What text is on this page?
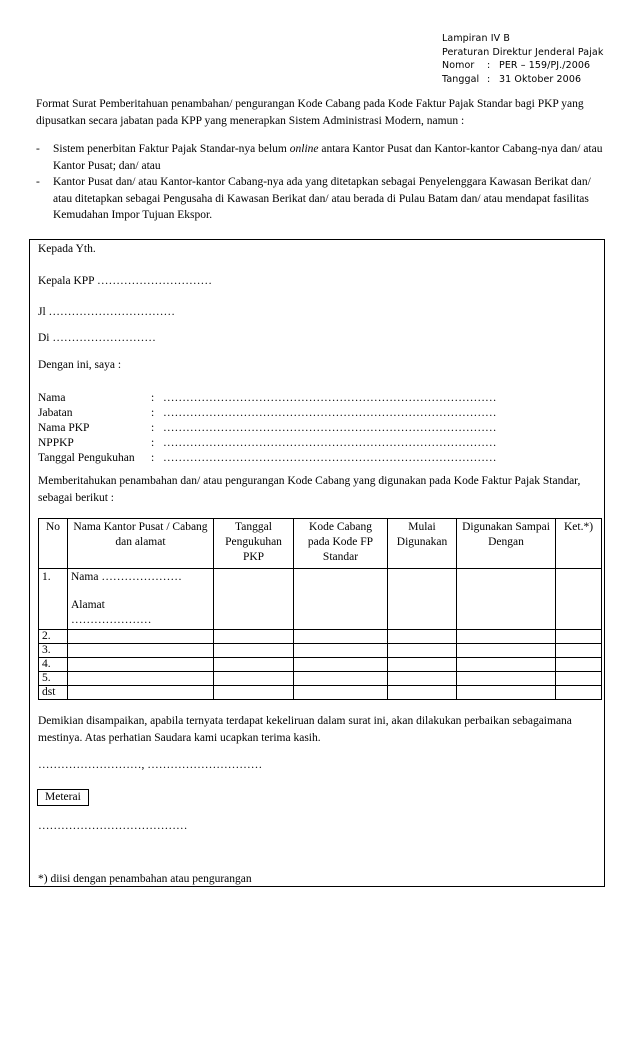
Lampiran IV B
Peraturan Direktur Jenderal Pajak
Nomor : PER – 159/PJ./2006
Tanggal : 31 Oktober 2006

Format Surat Pemberitahuan penambahan/ pengurangan Kode Cabang pada Kode Faktur Pajak Standar bagi PKP yang dipusatkan secara jabatan pada KPP yang menerapkan Sistem Administrasi Modern, namun :

- Sistem penerbitan Faktur Pajak Standar-nya belum online antara Kantor Pusat dan Kantor-kantor Cabang-nya dan/ atau Kantor Pusat; dan/ atau
- Kantor Pusat dan/ atau Kantor-kantor Cabang-nya ada yang ditetapkan sebagai Penyelenggara Kawasan Berikat dan/ atau ditetapkan sebagai Pengusaha di Kawasan Berikat dan/ atau berada di Pulau Batam dan/ atau mendapat fasilitas Kemudahan Impor Tujuan Ekspor.
Kepada Yth.
Kepala KPP …………………………
Jl ……………………………
Di ………………………
Dengan ini, saya :
Nama	: ……………………………………………………………………………
Jabatan	: ……………………………………………………………………………
Nama PKP	: ……………………………………………………………………………
NPPKP	: ……………………………………………………………………………
Tanggal Pengukuhan : ……………………………………………………………………………
Memberitahukan penambahan dan/ atau pengurangan Kode Cabang yang digunakan pada Kode Faktur Pajak Standar, sebagai berikut :
No	Nama Kantor Pusat / Cabang dan alamat	Tanggal Pengukuhan PKP	Kode Cabang pada Kode FP Standar	Mulai Digunakan	Digunakan Sampai Dengan	Ket.*)
1.	Nama …………………
Alamat
…………………					

2.						
3.						
4.						
5.						
dst						
Demikian disampaikan, apabila ternyata terdapat kekeliruan dalam surat ini, akan dilakukan perbaikan sebagaimana mestinya. Atas perhatian Saudara kami ucapkan terima kasih.
………………………, …………………………
Meterai
…………………………………
*) diisi dengan penambahan atau pengurangan
